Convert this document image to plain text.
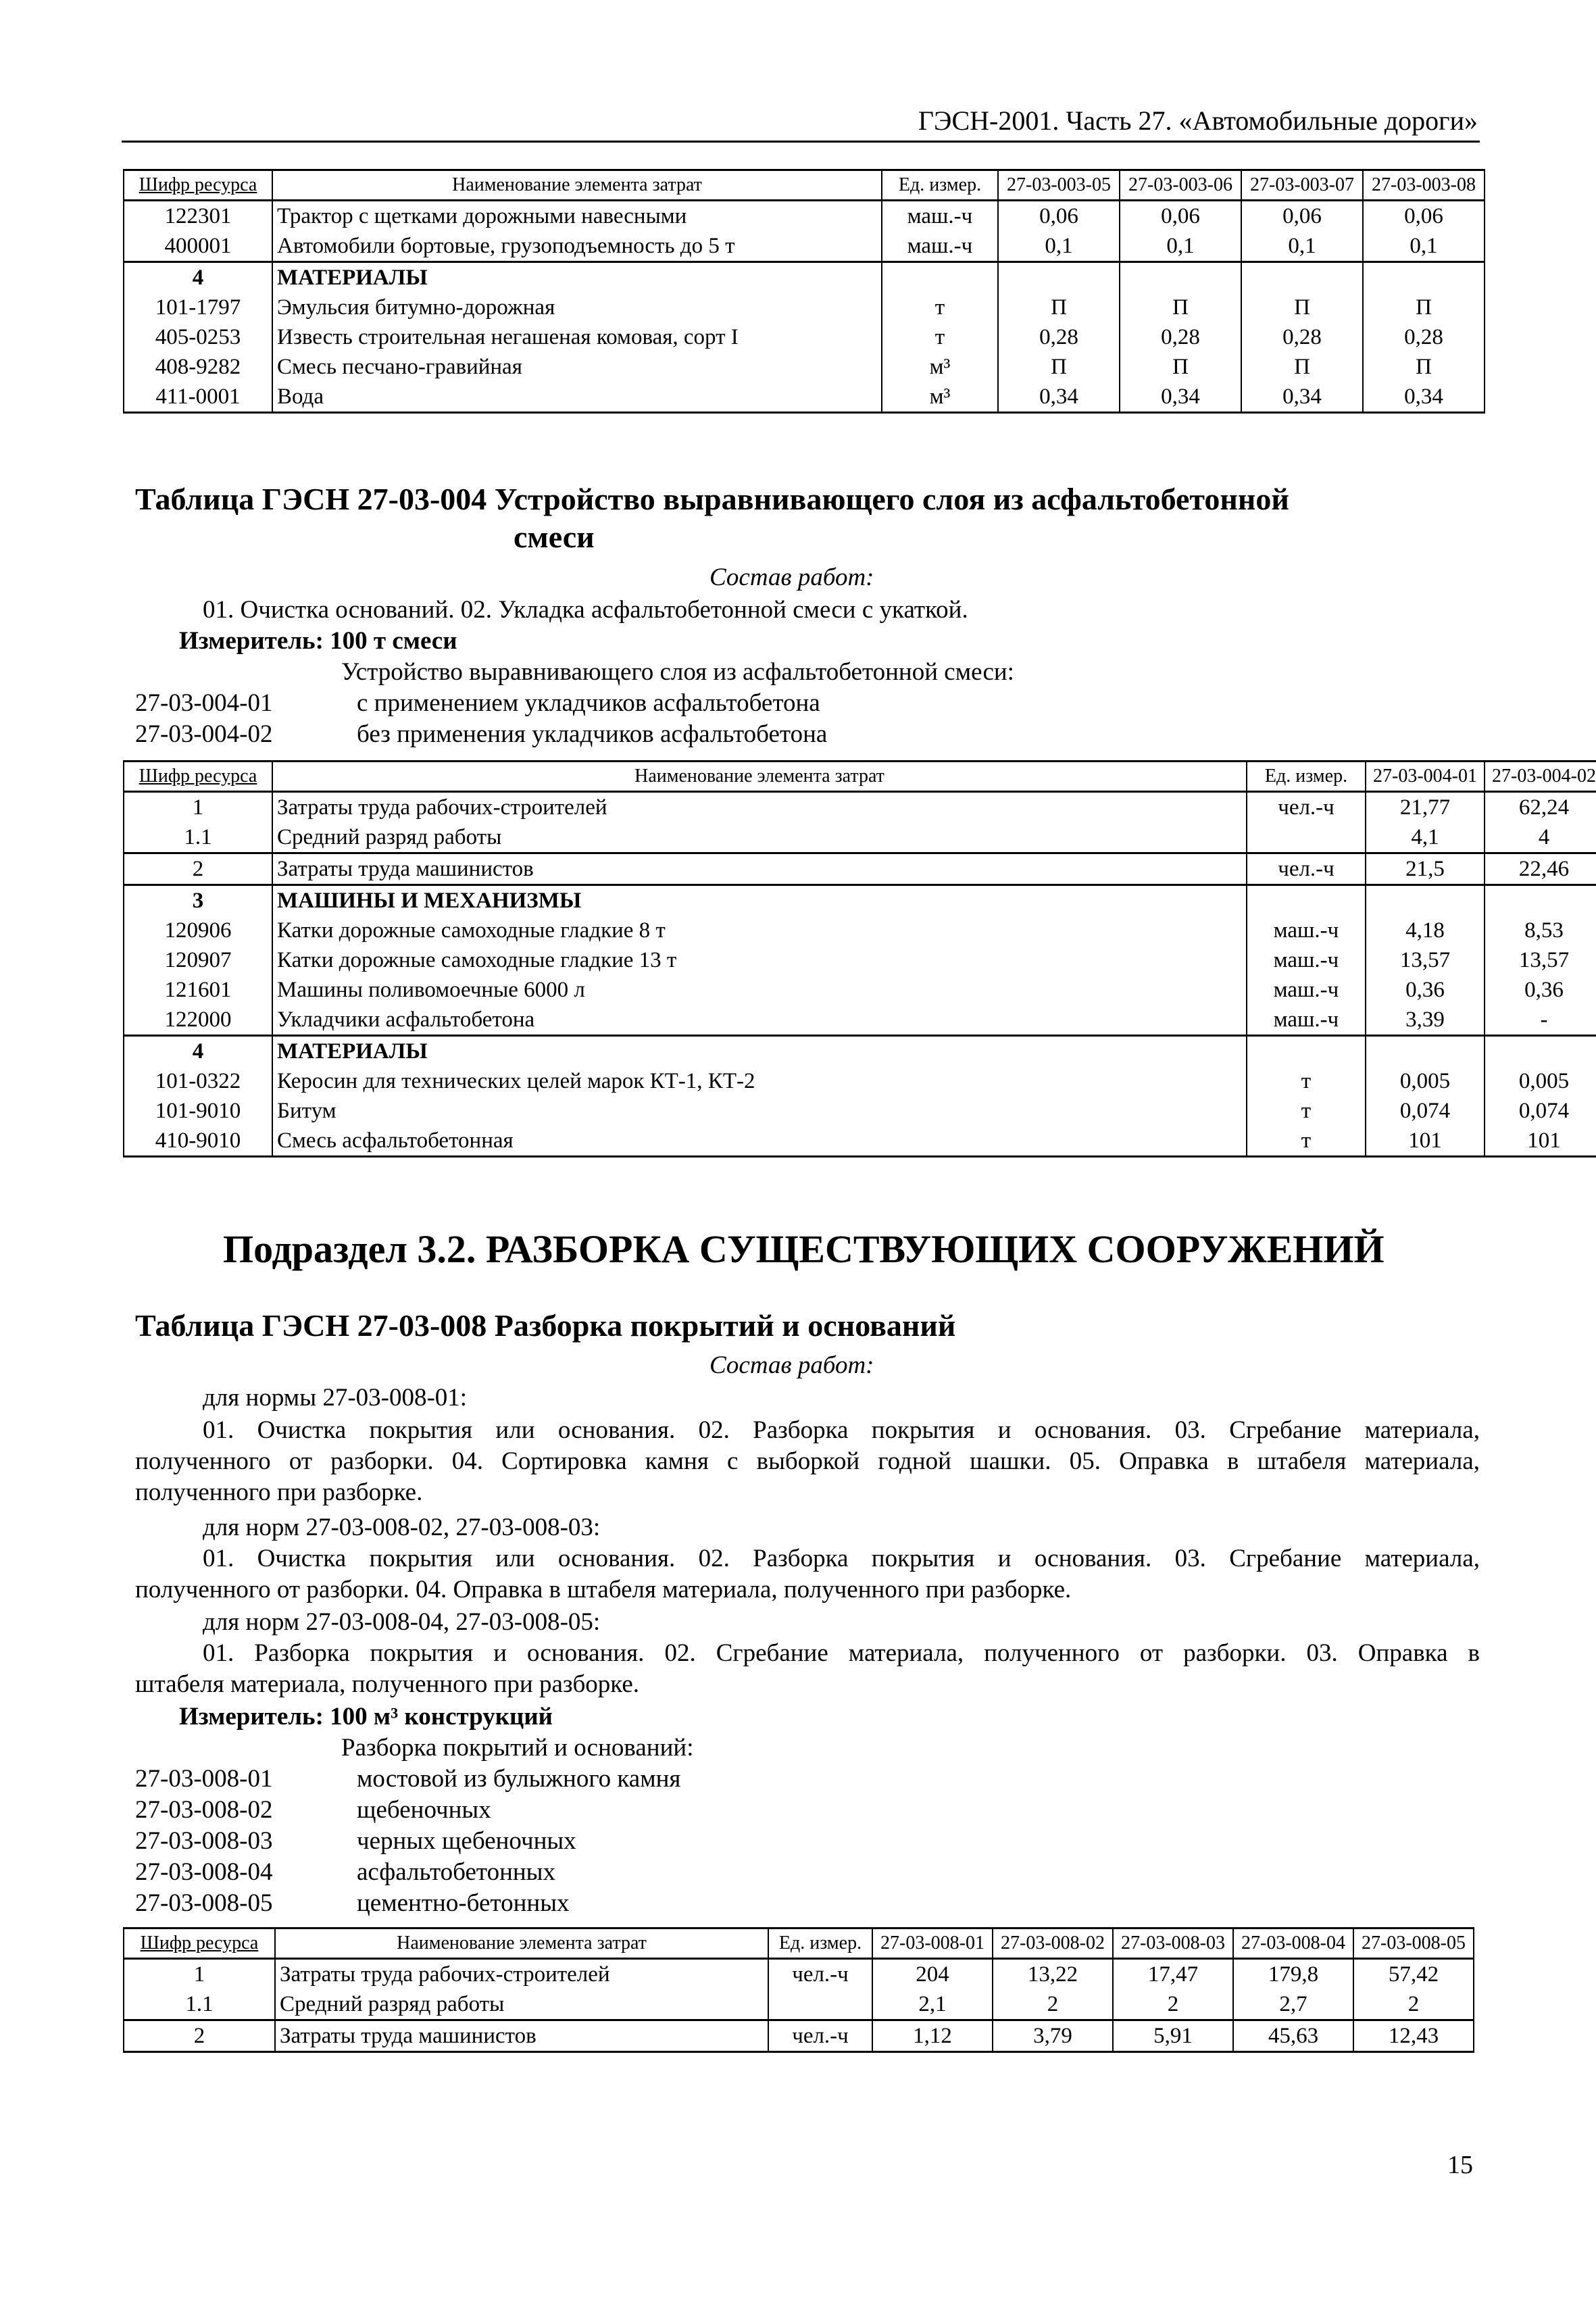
ГЭСН-2001. Часть 27. «Автомобильные дороги»
Шифр ресурса	Наименование элемента затрат	Ед. измер.	27-03-003-05	27-03-003-06	27-03-003-07	27-03-003-08
122301	Трактор с щетками дорожными навесными	маш.-ч	0,06	0,06	0,06	0,06
400001	Автомобили бортовые, грузоподъемность до 5 т	маш.-ч	0,1	0,1	0,1	0,1
4	МАТЕРИАЛЫ					
101-1797	Эмульсия битумно-дорожная	т	П	П	П	П
405-0253	Известь строительная негашеная комовая, сорт I	т	0,28	0,28	0,28	0,28
408-9282	Смесь песчано-гравийная	м³	П	П	П	П
411-0001	Вода	м³	0,34	0,34	0,34	0,34
Таблица ГЭСН 27-03-004 Устройство выравнивающего слоя из асфальтобетонной
смеси
Состав работ:
01. Очистка оснований. 02. Укладка асфальтобетонной смеси с укаткой.
Измеритель: 100 т смеси
Устройство выравнивающего слоя из асфальтобетонной смеси:
27-03-004-01	с применением укладчиков асфальтобетона
27-03-004-02	без применения укладчиков асфальтобетона
Шифр ресурса	Наименование элемента затрат	Ед. измер.	27-03-004-01	27-03-004-02
1	Затраты труда рабочих-строителей	чел.-ч	21,77	62,24
1.1	Средний разряд работы		4,1	4
2	Затраты труда машинистов	чел.-ч	21,5	22,46
3	МАШИНЫ И МЕХАНИЗМЫ			
120906	Катки дорожные самоходные гладкие 8 т	маш.-ч	4,18	8,53
120907	Катки дорожные самоходные гладкие 13 т	маш.-ч	13,57	13,57
121601	Машины поливомоечные 6000 л	маш.-ч	0,36	0,36
122000	Укладчики асфальтобетона	маш.-ч	3,39	-
4	МАТЕРИАЛЫ			
101-0322	Керосин для технических целей марок КТ-1, КТ-2	т	0,005	0,005
101-9010	Битум	т	0,074	0,074
410-9010	Смесь асфальтобетонная	т	101	101
Подраздел 3.2. РАЗБОРКА СУЩЕСТВУЮЩИХ СООРУЖЕНИЙ
Таблица ГЭСН 27-03-008 Разборка покрытий и оснований
Состав работ:
для нормы 27-03-008-01:
01. Очистка покрытия или основания. 02. Разборка покрытия и основания. 03. Сгребание материала,
полученного от разборки. 04. Сортировка камня с выборкой годной шашки. 05. Оправка в штабеля материала,
полученного при разборке.
для норм 27-03-008-02, 27-03-008-03:
01. Очистка покрытия или основания. 02. Разборка покрытия и основания. 03. Сгребание материала,
полученного от разборки. 04. Оправка в штабеля материала, полученного при разборке.
для норм 27-03-008-04, 27-03-008-05:
01. Разборка покрытия и основания. 02. Сгребание материала, полученного от разборки. 03. Оправка в
штабеля материала, полученного при разборке.
Измеритель: 100 м³ конструкций
Разборка покрытий и оснований:
27-03-008-01	мостовой из булыжного камня
27-03-008-02	щебеночных
27-03-008-03	черных щебеночных
27-03-008-04	асфальтобетонных
27-03-008-05	цементно-бетонных
Шифр ресурса	Наименование элемента затрат	Ед. измер.	27-03-008-01	27-03-008-02	27-03-008-03	27-03-008-04	27-03-008-05
1	Затраты труда рабочих-строителей	чел.-ч	204	13,22	17,47	179,8	57,42
1.1	Средний разряд работы		2,1	2	2	2,7	2
2	Затраты труда машинистов	чел.-ч	1,12	3,79	5,91	45,63	12,43
15
